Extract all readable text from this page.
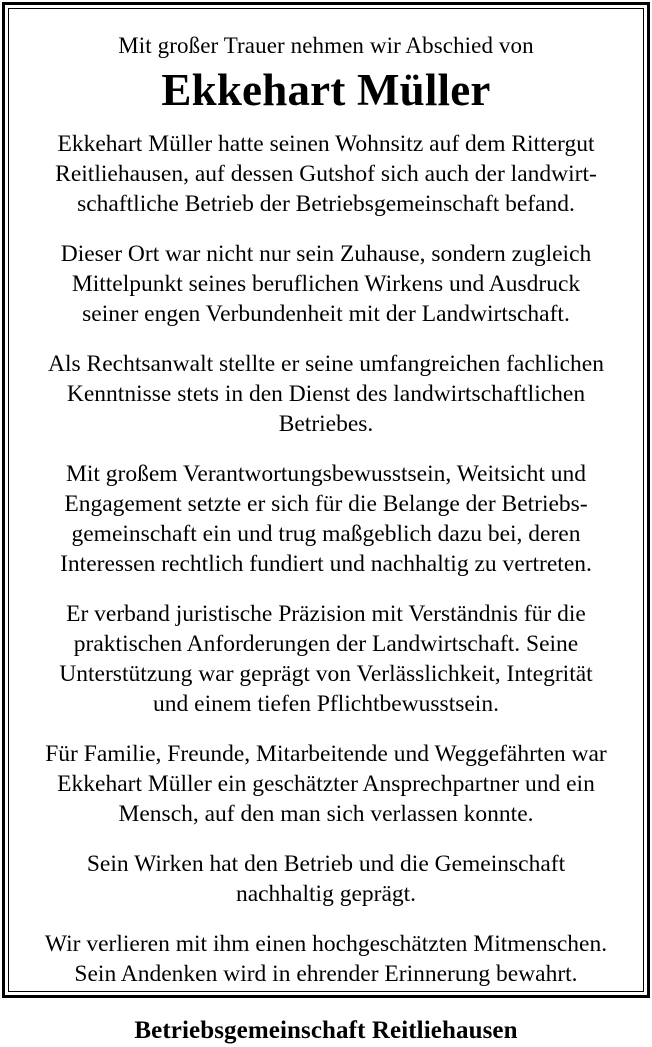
Mit großer Trauer nehmen wir Abschied von

Ekkehart Müller

Ekkehart Müller hatte seinen Wohnsitz auf dem Rittergut
Reitliehausen, auf dessen Gutshof sich auch der landwirt-
schaftliche Betrieb der Betriebsgemeinschaft befand.

Dieser Ort war nicht nur sein Zuhause, sondern zugleich
Mittelpunkt seines beruflichen Wirkens und Ausdruck
seiner engen Verbundenheit mit der Landwirtschaft.

Als Rechtsanwalt stellte er seine umfangreichen fachlichen
Kenntnisse stets in den Dienst des landwirtschaftlichen
Betriebes.

Mit großem Verantwortungsbewusstsein, Weitsicht und
Engagement setzte er sich für die Belange der Betriebs-
gemeinschaft ein und trug maßgeblich dazu bei, deren
Interessen rechtlich fundiert und nachhaltig zu vertreten.

Er verband juristische Präzision mit Verständnis für die
praktischen Anforderungen der Landwirtschaft. Seine
Unterstützung war geprägt von Verlässlichkeit, Integrität
und einem tiefen Pflichtbewusstsein.

Für Familie, Freunde, Mitarbeitende und Weggefährten war
Ekkehart Müller ein geschätzter Ansprechpartner und ein
Mensch, auf den man sich verlassen konnte.

Sein Wirken hat den Betrieb und die Gemeinschaft
nachhaltig geprägt.

Wir verlieren mit ihm einen hochgeschätzten Mitmenschen.
Sein Andenken wird in ehrender Erinnerung bewahrt.

Betriebsgemeinschaft Reitliehausen
